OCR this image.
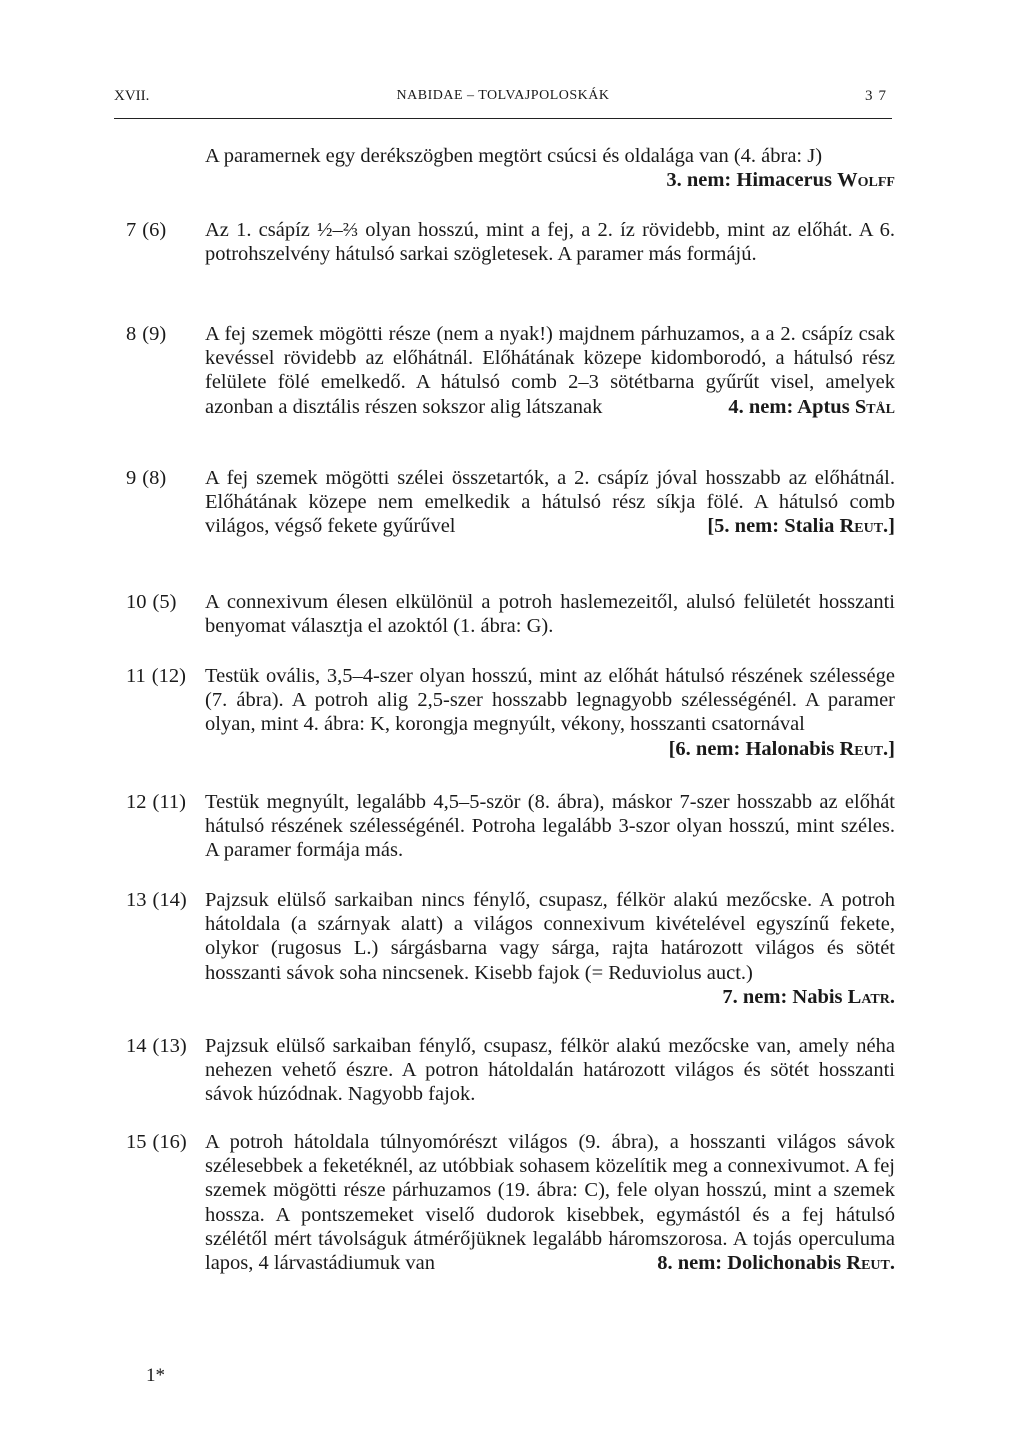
XVII.	NABIDAE – TOLVAJPOLOSKÁK	37
A paramernek egy derékszögben megtört csúcsi és oldalága van (4. ábra: J)
3. nem: Himacerus Wolff
7 (6) Az 1. csápíz ½–⅔ olyan hosszú, mint a fej, a 2. íz rövidebb, mint az előhát. A 6. potrohszelvény hátulsó sarkai szögletesek. A paramer más formájú.
8 (9) A fej szemek mögötti része (nem a nyak!) majdnem párhuzamos, a a 2. csápíz csak kevéssel rövidebb az előhátnál. Előhátának közepe kidomborodó, a hátulsó rész felülete fölé emelkedő. A hátulsó comb 2–3 sötétbarna gyűrűt visel, amelyek azonban a disztális részen sokszor alig látszanak	4. nem: Aptus Stål
9 (8) A fej szemek mögötti szélei összetartók, a 2. csápíz jóval hosszabb az előhátnál. Előhátának közepe nem emelkedik a hátulsó rész síkja fölé. A hátulsó comb világos, végső fekete gyűrűvel	[5. nem: Stalia Reut.]
10 (5) A connexivum élesen elkülönül a potroh haslemezeitől, alulsó felületét hosszanti benyomat választja el azoktól (1. ábra: G).
11 (12) Testük ovális, 3,5–4-szer olyan hosszú, mint az előhát hátulsó részének szélessége (7. ábra). A potroh alig 2,5-szer hosszabb legnagyobb szélességénél. A paramer olyan, mint 4. ábra: K, korongja megnyúlt, vékony, hosszanti csatornával
[6. nem: Halonabis Reut.]
12 (11) Testük megnyúlt, legalább 4,5–5-ször (8. ábra), máskor 7-szer hosszabb az előhát hátulsó részének szélességénél. Potroha legalább 3-szor olyan hosszú, mint széles. A paramer formája más.
13 (14) Pajzsuk elülső sarkaiban nincs fénylő, csupasz, félkör alakú mezőcske. A potroh hátoldala (a szárnyak alatt) a világos connexivum kivételével egyszínű fekete, olykor (rugosus L.) sárgásbarna vagy sárga, rajta határozott világos és sötét hosszanti sávok soha nincsenek. Kisebb fajok (= Reduviolus auct.)
7. nem: Nabis Latr.
14 (13) Pajzsuk elülső sarkaiban fénylő, csupasz, félkör alakú mezőcske van, amely néha nehezen vehető észre. A potron hátoldalán határozott világos és sötét hosszanti sávok húzódnak. Nagyobb fajok.
15 (16) A potroh hátoldala túlnyomórészt világos (9. ábra), a hosszanti világos sávok szélesebbek a feketéknél, az utóbbiak sohasem közelítik meg a connexivumot. A fej szemek mögötti része párhuzamos (19. ábra: C), fele olyan hosszú, mint a szemek hossza. A pontszemeket viselő dudorok kisebbek, egymástól és a fej hátulsó szélétől mért távolságuk átmérőjüknek legalább háromszorosa. A tojás operculuma lapos, 4 lárvastádiumuk van	8. nem: Dolichonabis Reut.
1*
